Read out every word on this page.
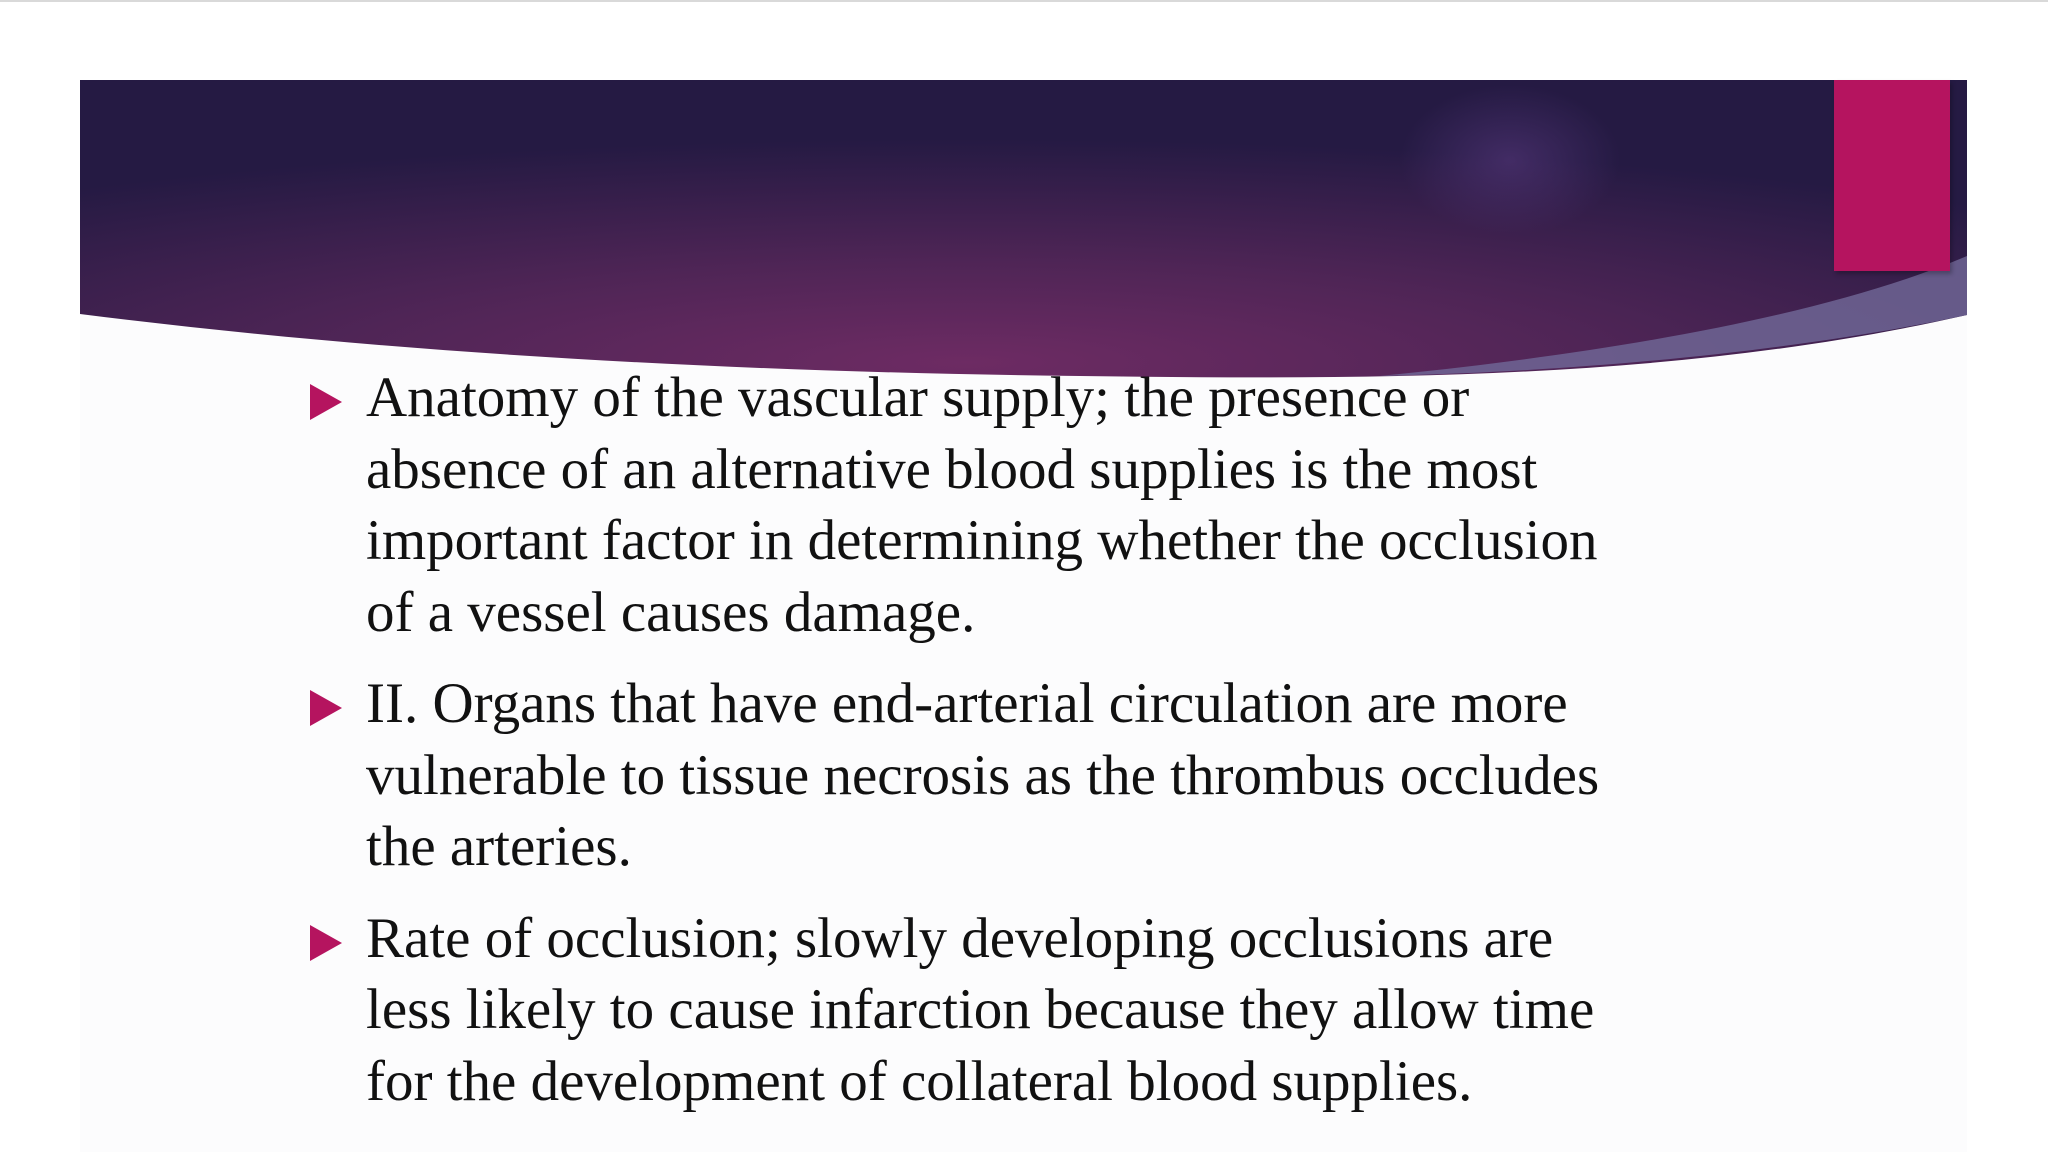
Anatomy of the vascular supply; the presence or
absence of an alternative blood supplies is the most
important factor in determining whether the occlusion
of a vessel causes damage.
II. Organs that have end-arterial circulation are more
vulnerable to tissue necrosis as the thrombus occludes
the arteries.
Rate of occlusion; slowly developing occlusions are
less likely to cause infarction because they allow time
for the development of collateral blood supplies.
